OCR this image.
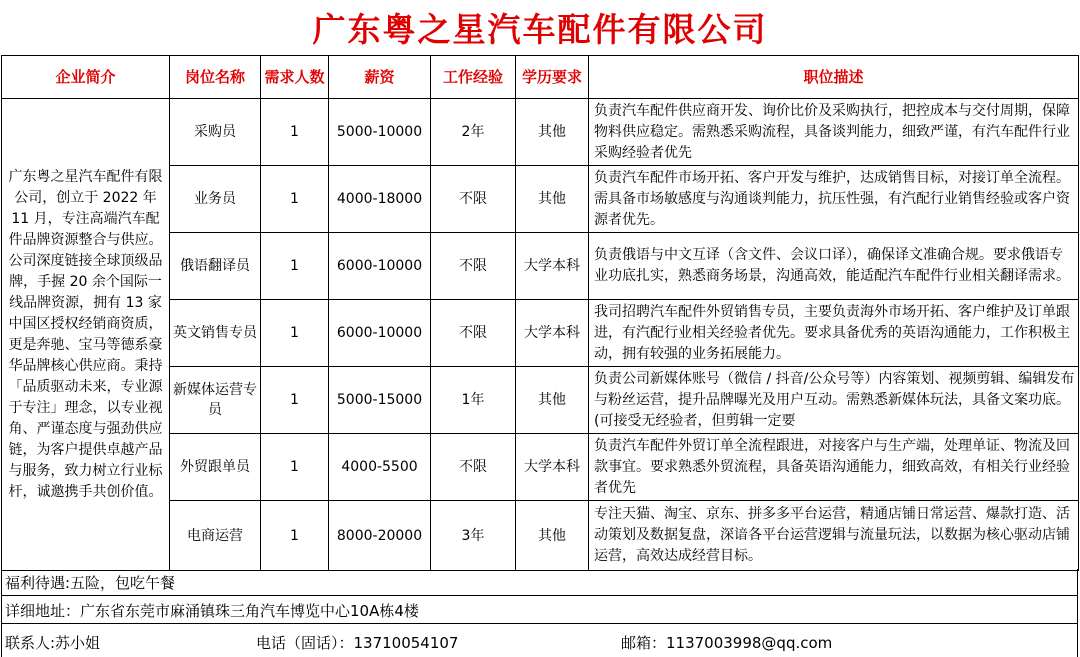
广东粤之星汽车配件有限公司
企业简介	岗位名称	需求人数	薪资	工作经验	学历要求	职位描述
广东粤之星汽车配件有限公司，创立于 2022 年 11 月，专注高端汽车配件品牌资源整合与供应。公司深度链接全球顶级品牌，手握 20 余个国际一线品牌资源，拥有 13 家中国区授权经销商资质，更是奔驰、宝马等德系豪华品牌核心供应商。秉持「品质驱动未来，专业源于专注」理念，以专业视角、严谨态度与强劲供应链，为客户提供卓越产品与服务，致力树立行业标杆，诚邀携手共创价值。	采购员	1	5000-10000	2年	其他	负责汽车配件供应商开发、询价比价及采购执行，把控成本与交付周期，保障物料供应稳定。需熟悉采购流程，具备谈判能力，细致严谨，有汽车配件行业采购经验者优先
	业务员	1	4000-18000	不限	其他	负责汽车配件市场开拓、客户开发与维护，达成销售目标，对接订单全流程。需具备市场敏感度与沟通谈判能力，抗压性强，有汽配行业销售经验或客户资源者优先。
	俄语翻译员	1	6000-10000	不限	大学本科	负责俄语与中文互译（含文件、会议口译），确保译文准确合规。要求俄语专业功底扎实，熟悉商务场景，沟通高效，能适配汽车配件行业相关翻译需求。
	英文销售专员	1	6000-10000	不限	大学本科	我司招聘汽车配件外贸销售专员，主要负责海外市场开拓、客户维护及订单跟进，有汽配行业相关经验者优先。要求具备优秀的英语沟通能力，工作积极主动，拥有较强的业务拓展能力。
	新媒体运营专员	1	5000-15000	1年	其他	负责公司新媒体账号（微信 / 抖音/公众号等）内容策划、视频剪辑、编辑发布与粉丝运营，提升品牌曝光及用户互动。需熟悉新媒体玩法，具备文案功底。(可接受无经验者，但剪辑一定要
	外贸跟单员	1	4000-5500	不限	大学本科	负责汽车配件外贸订单全流程跟进，对接客户与生产端，处理单证、物流及回款事宜。要求熟悉外贸流程，具备英语沟通能力，细致高效，有相关行业经验者优先
	电商运营	1	8000-20000	3年	其他	专注天猫、淘宝、京东、拼多多平台运营，精通店铺日常运营、爆款打造、活动策划及数据复盘，深谙各平台运营逻辑与流量玩法，以数据为核心驱动店铺运营，高效达成经营目标。
福利待遇:五险，包吃午餐
详细地址：广东省东莞市麻涌镇珠三角汽车博览中心10A栋4楼
联系人:苏小姐	电话（固话）：13710054107	邮箱：1137003998@qq.com
